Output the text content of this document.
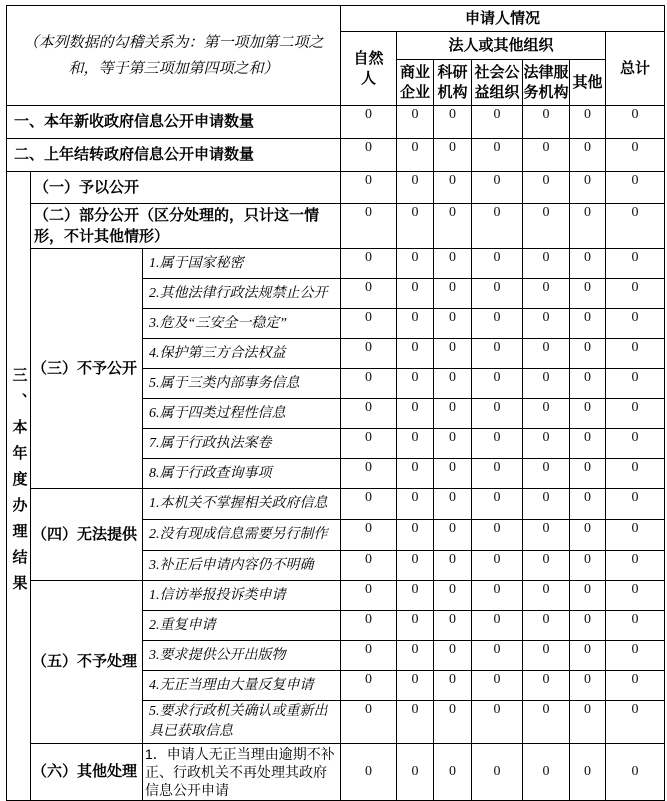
（本列数据的勾稽关系为：第一项加第二项之和，等于第三项加第四项之和）			申请人情况						

			自然人	法人或其他组织					总计

				商业企业	科研机构	社会公益组织	法律服务机构	其他	
一、本年新收政府信息公开申请数量			0	0	0	0	0	0	0
二、上年结转政府信息公开申请数量			0	0	0	0	0	0	0
三、本年度办理结果	（一）予以公开		0	0	0	0	0	0	0
	（二）部分公开（区分处理的，只计这一情形，不计其他情形）		0	0	0	0	0	0	0
	（三）不予公开	1.属于国家秘密	0	0	0	0	0	0	0
		2.其他法律行政法规禁止公开	0	0	0	0	0	0	0
		3.危及“三安全一稳定”	0	0	0	0	0	0	0
		4.保护第三方合法权益	0	0	0	0	0	0	0
		5.属于三类内部事务信息	0	0	0	0	0	0	0
		6.属于四类过程性信息	0	0	0	0	0	0	0
		7.属于行政执法案卷	0	0	0	0	0	0	0
		8.属于行政查询事项	0	0	0	0	0	0	0
	（四）无法提供	1.本机关不掌握相关政府信息	0	0	0	0	0	0	0
		2.没有现成信息需要另行制作	0	0	0	0	0	0	0
		3.补正后申请内容仍不明确	0	0	0	0	0	0	0
	（五）不予处理	1.信访举报投诉类申请	0	0	0	0	0	0	0
		2.重复申请	0	0	0	0	0	0	0
		3.要求提供公开出版物	0	0	0	0	0	0	0
		4.无正当理由大量反复申请	0	0	0	0	0	0	0
		5.要求行政机关确认或重新出具已获取信息	0	0	0	0	0	0	0
	（六）其他处理	1．申请人无正当理由逾期不补正、行政机关不再处理其政府信息公开申请	0	0	0	0	0	0	0
